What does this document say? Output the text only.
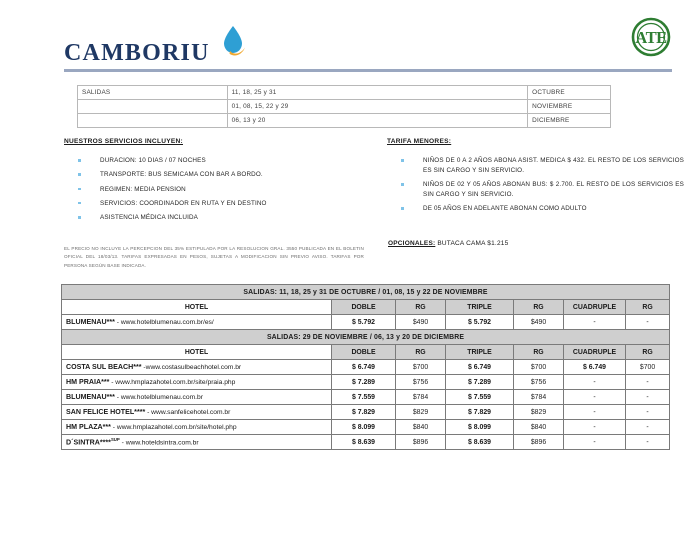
CAMBORIU
ATE
SALIDAS	11, 18, 25 y 31	OCTUBRE
	01, 08, 15, 22 y 29	NOVIEMBRE
	06, 13 y 20	DICIEMBRE
NUESTROS SERVICIOS INCLUYEN:
DURACION: 10 DIAS / 07 NOCHES
TRANSPORTE: BUS SEMICAMA CON BAR A BORDO.
REGIMEN: MEDIA PENSION
SERVICIOS: COORDINADOR EN RUTA Y EN DESTINO
ASISTENCIA MÉDICA INCLUIDA
TARIFA MENORES:
NIÑOS DE 0 A 2 AÑOS ABONA ASIST. MEDICA $ 432. EL RESTO DE LOS SERVICIOS ES SIN CARGO Y SIN SERVICIO.
NIÑOS DE 02 Y 05 AÑOS ABONAN BUS: $ 2.700. EL RESTO DE LOS SERVICIOS ES SIN CARGO Y SIN SERVICIO.
DE 05 AÑOS EN ADELANTE ABONAN COMO ADULTO
EL PRECIO NO INCLUYE LA PERCEPCION DEL 35% ESTIPULADA POR LA RESOLUCION GRAL. 3550 PUBLICADA EN EL BOLETIN OFICIAL DEL 18/03/13. TARIFAS EXPRESADAS EN PESOS, SUJETAS A MODIFICACION SIN PREVIO AVISO. TARIFAS POR PERSONA SEGÚN BASE INDICADA.
OPCIONALES: BUTACA CAMA $1.215
SALIDAS: 11, 18, 25 y 31 DE OCTUBRE / 01, 08, 15 y 22 DE NOVIEMBRE						
HOTEL	DOBLE	RG	TRIPLE	RG	CUADRUPLE	RG
BLUMENAU*** - www.hotelblumenau.com.br/es/	$ 5.792	$490	$ 5.792	$490	-	-
SALIDAS: 29 DE NOVIEMBRE / 06, 13 y 20 DE DICIEMBRE						
HOTEL	DOBLE	RG	TRIPLE	RG	CUADRUPLE	RG
COSTA SUL BEACH*** -www.costasulbeachhotel.com.br	$ 6.749	$700	$ 6.749	$700	$ 6.749	$700
HM PRAIA*** - www.hmplazahotel.com.br/site/praia.php	$ 7.289	$756	$ 7.289	$756	-	-
BLUMENAU*** - www.hotelblumenau.com.br	$ 7.559	$784	$ 7.559	$784	-	-
SAN FELICE HOTEL**** - www.sanfelicehotel.com.br	$ 7.829	$829	$ 7.829	$829	-	-
HM PLAZA*** - www.hmplazahotel.com.br/site/hotel.php	$ 8.099	$840	$ 8.099	$840	-	-
D´SINTRA****$^{SUP}$ - www.hoteldsintra.com.br	$ 8.639	$896	$ 8.639	$896	-	-
